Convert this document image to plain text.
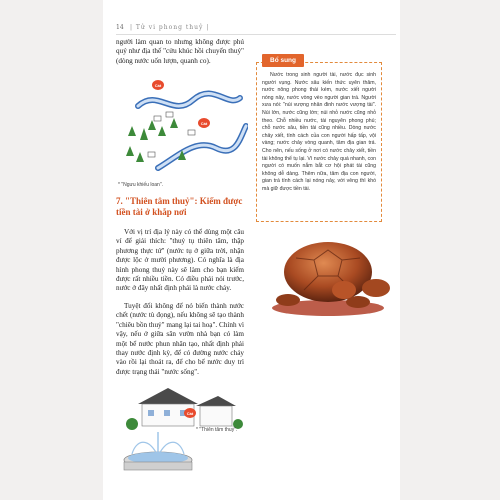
14 | Tử vi phong thuỷ |
người làm quan to nhưng không được phú quý như địa thế "cửu khúc hồi chuyển thuỷ" (dòng nước uốn lượn, quanh co).
Cát
Cát
* "Ngưu khiếu loan".
7. "Thiên tâm thuỷ": Kiếm được tiền tài ở khắp nơi
Với vị trí địa lý này có thể dùng một câu ví để giải thích: "thuỷ tụ thiên tâm, thập phương thực tứ" (nước tụ ở giữa trời, nhận được lộc ở mười phương). Có nghĩa là địa hình phong thuỷ này sẽ làm cho bạn kiếm được rất nhiều tiền. Có điều phải nói trước, nước ở đây nhất định phải là nước chảy.
Tuyệt đối không để nó biến thành nước chết (nước tù đọng), nếu không sẽ tạo thành "chiêu bồn thuỷ" mang lại tai hoạ". Chính vì vậy, nếu ở giữa sân vườn nhà bạn có làm một bể nước phun nhân tạo, nhất định phải thay nước định kỳ, để có đường nước chảy vào rồi lại thoát ra, để cho bể nước duy trì được trạng thái "nước sống".
Cát
* "Thiên tâm thuỷ".
Bổ sung
Nước trong sinh người tài, nước đục sinh người vụng. Nước sâu kiến thức uyên thâm, nước nông phong thái kém, nước xiết người nóng nảy, nước vòng vèo người gian trá. Người xưa nói: "núi vượng nhân đinh nước vượng tài". Núi lớn, nước cũng lớn; núi nhỏ nước cũng nhỏ theo. Chỗ nhiều nước, tài nguyên phong phú; chỗ nước sâu, tiền tài cũng nhiều. Dòng nước chảy xiết, tính cách của con người hấp tấp, vội vàng; nước chảy vòng quanh, tâm địa gian trá. Cho nên, nếu sống ở nơi có nước chảy xiết, tiền tài không thể tụ lại. Vì nước chảy quá nhanh, con người có muốn nắm bắt cơ hội phát tài cũng không dễ dàng. Thêm nữa, tâm địa con người, gian trá tính cách lại nóng nảy, với vẻng thì khó mà giữ được tiền tài.
